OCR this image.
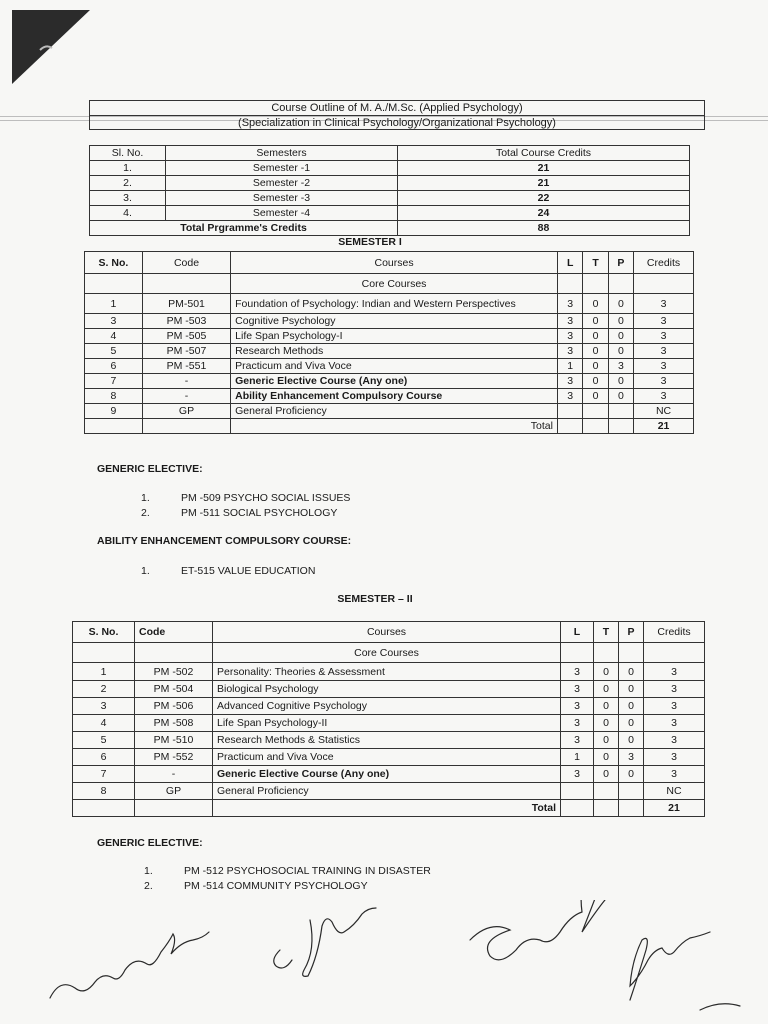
Course Outline of M. A./M.Sc. (Applied Psychology)
(Specialization in Clinical Psychology/Organizational Psychology)
Sl. No.	Semesters	Total Course Credits
1.	Semester -1	21
2.	Semester -2	21
3.	Semester -3	22
4.	Semester -4	24
Total Prgramme's Credits		88
SEMESTER I
S. No.	Code	Courses	L	T	P	Credits
		Core Courses				
1	PM-501	Foundation of Psychology: Indian and Western Perspectives	3	0	0	3
3	PM -503	Cognitive Psychology	3	0	0	3
4	PM -505	Life Span Psychology-I	3	0	0	3
5	PM -507	Research Methods	3	0	0	3
6	PM -551	Practicum and Viva Voce	1	0	3	3
7	-	Generic Elective Course (Any one)	3	0	0	3
8	-	Ability Enhancement Compulsory Course	3	0	0	3
9	GP	General Proficiency				NC
		Total				21
GENERIC ELECTIVE:
1.	PM -509 PSYCHO SOCIAL ISSUES
2.	PM -511 SOCIAL PSYCHOLOGY
ABILITY ENHANCEMENT COMPULSORY COURSE:
1.	ET-515 VALUE EDUCATION
SEMESTER – II
S. No.	Code	Courses	L	T	P	Credits
		Core Courses				
1	PM -502	Personality: Theories & Assessment	3	0	0	3
2	PM -504	Biological Psychology	3	0	0	3
3	PM -506	Advanced Cognitive Psychology	3	0	0	3
4	PM -508	Life Span Psychology-II	3	0	0	3
5	PM -510	Research Methods & Statistics	3	0	0	3
6	PM -552	Practicum and Viva Voce	1	0	3	3
7	-	Generic Elective Course (Any one)	3	0	0	3
8	GP	General Proficiency				NC
		Total				21
GENERIC ELECTIVE:
1.	PM -512 PSYCHOSOCIAL TRAINING IN DISASTER
2.	PM -514 COMMUNITY PSYCHOLOGY
